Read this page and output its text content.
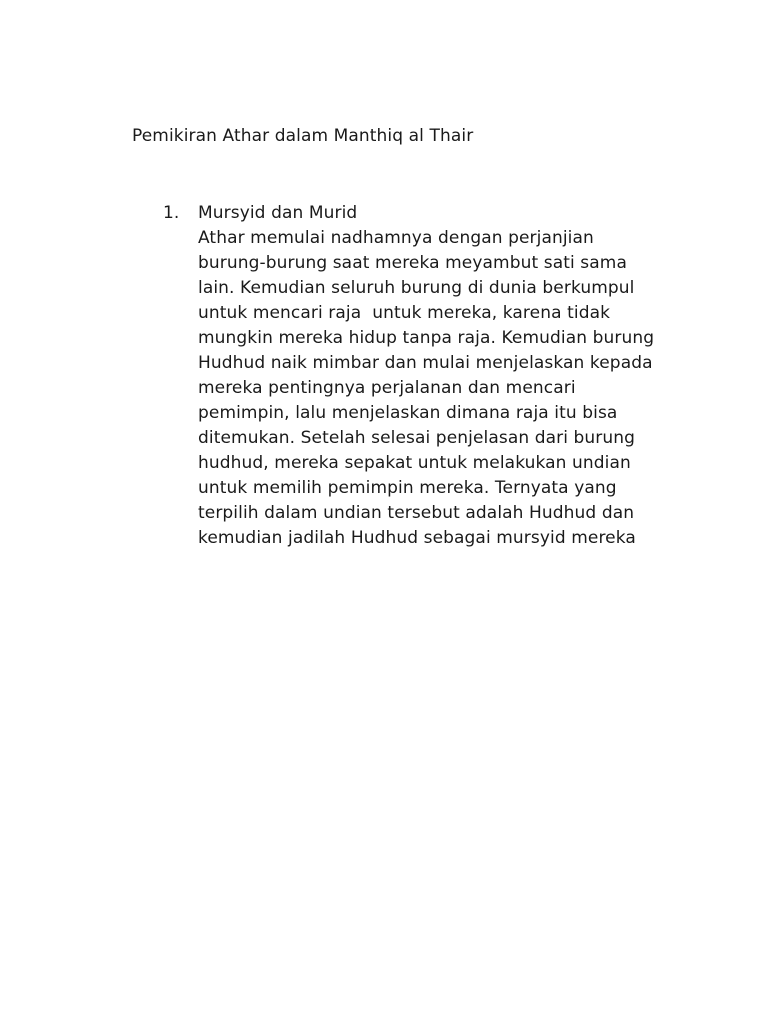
Pemikiran Athar dalam Manthiq al Thair
1. Mursyid dan Murid
Athar memulai nadhamnya dengan perjanjian
burung-burung saat mereka meyambut sati sama
lain. Kemudian seluruh burung di dunia berkumpul
untuk mencari raja  untuk mereka, karena tidak
mungkin mereka hidup tanpa raja. Kemudian burung
Hudhud naik mimbar dan mulai menjelaskan kepada
mereka pentingnya perjalanan dan mencari
pemimpin, lalu menjelaskan dimana raja itu bisa
ditemukan. Setelah selesai penjelasan dari burung
hudhud, mereka sepakat untuk melakukan undian
untuk memilih pemimpin mereka. Ternyata yang
terpilih dalam undian tersebut adalah Hudhud dan
kemudian jadilah Hudhud sebagai mursyid mereka
